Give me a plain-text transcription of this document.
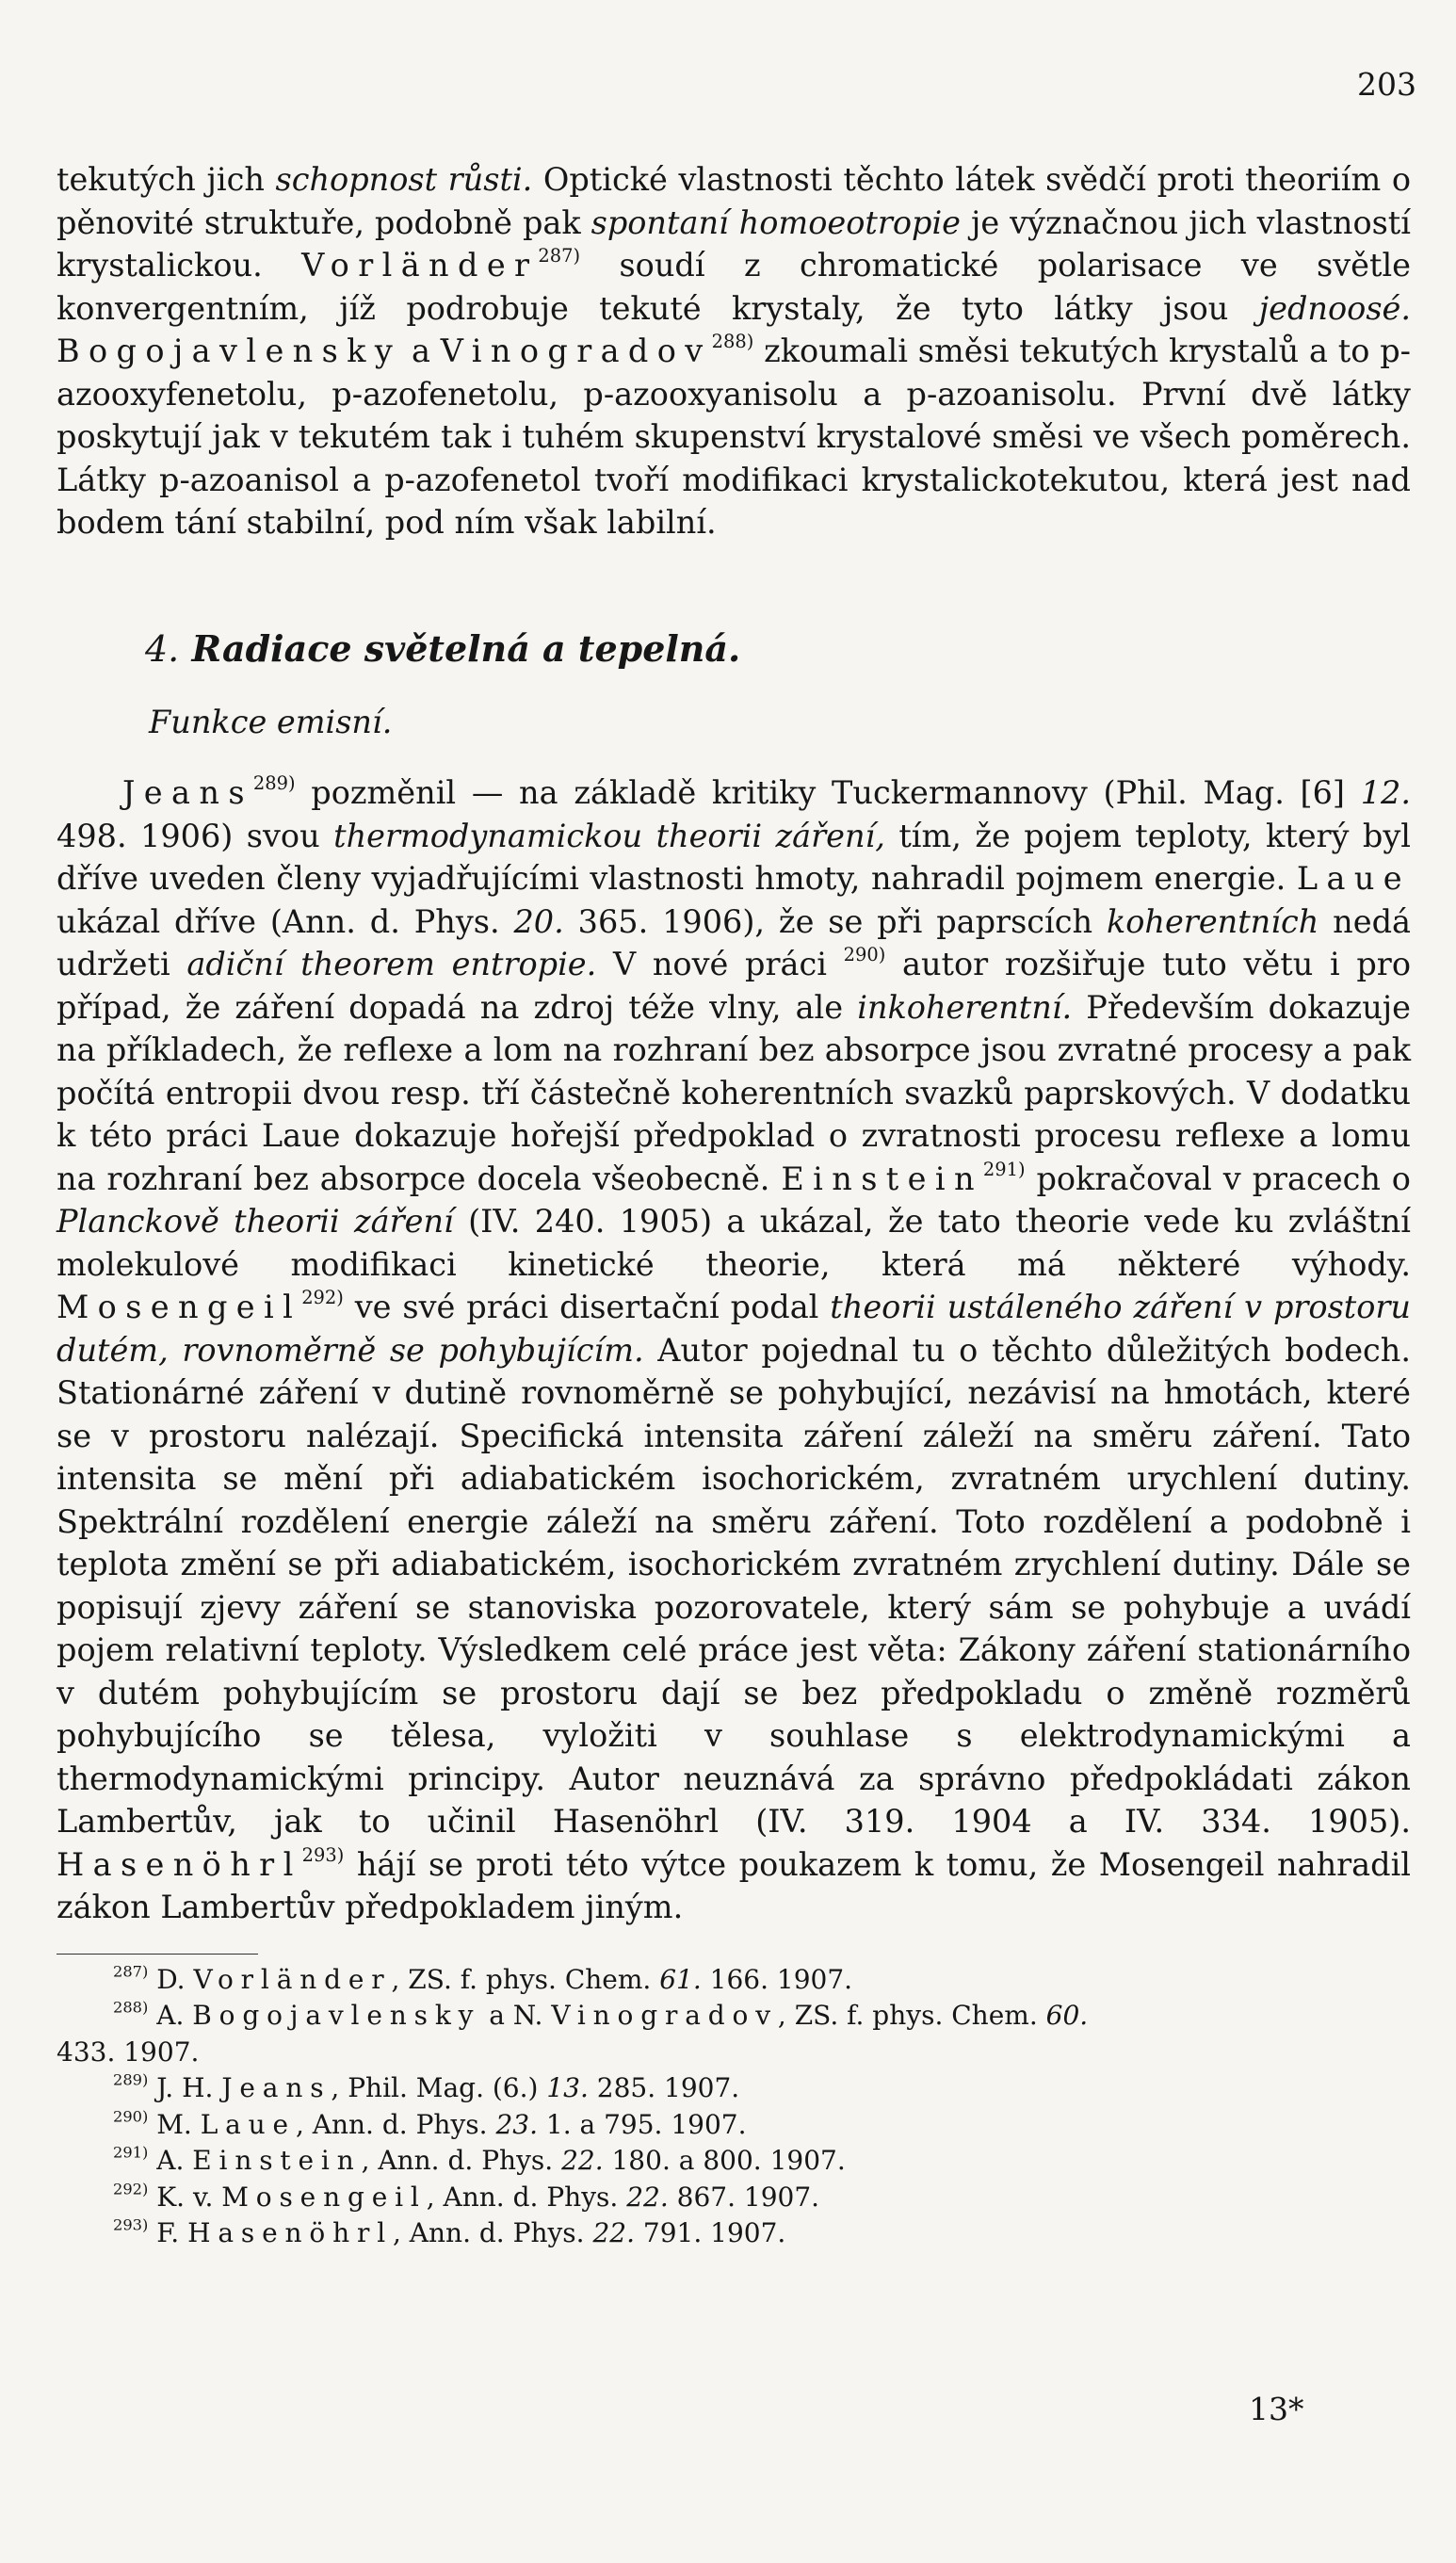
203

tekutých jich schopnost růsti. Optické vlastnosti těchto látek svědčí proti theoriím o pěnovité struktuře, podobně pak spontaní homoeotropie je význačnou jich vlastností krystalickou. Vorländer$^{287)}$ soudí z chromatické polarisace ve světle konvergentním, jíž podrobuje tekuté krystaly, že tyto látky jsou jednoosé. Bogojavlensky a Vinogradov$^{288)}$ zkoumali směsi tekutých krystalů a to p-azooxyfenetolu, p-azofenetolu, p-azooxyanisolu a p-azoanisolu. První dvě látky poskytují jak v tekutém tak i tuhém skupenství krystalové směsi ve všech poměrech. Látky p-azoanisol a p-azofenetol tvoří modifikaci krystalickotekutou, která jest nad bodem tání stabilní, pod ním však labilní.

4. Radiace světelná a tepelná.
Funkce emisní.

Jeans$^{289)}$ pozměnil — na základě kritiky Tuckermannovy (Phil. Mag. [6] 12. 498. 1906) svou thermodynamickou theorii záření, tím, že pojem teploty, který byl dříve uveden členy vyjadřujícími vlastnosti hmoty, nahradil pojmem energie. Laue ukázal dříve (Ann. d. Phys. 20. 365. 1906), že se při paprscích koherentních nedá udržeti adiční theorem entropie. V nové práci $^{290)}$ autor rozšiřuje tuto větu i pro případ, že záření dopadá na zdroj téže vlny, ale inkoherentní. Především dokazuje na příkladech, že reflexe a lom na rozhraní bez absorpce jsou zvratné procesy a pak počítá entropii dvou resp. tří částečně koherentních svazků paprskových. V dodatku k této práci Laue dokazuje hořejší předpoklad o zvratnosti procesu reflexe a lomu na rozhraní bez absorpce docela všeobecně. Einstein$^{291)}$ pokračoval v pracech o Planckově theorii záření (IV. 240. 1905) a ukázal, že tato theorie vede ku zvláštní molekulové modifikaci kinetické theorie, která má některé výhody. Mosengeil$^{292)}$ ve své práci disertační podal theorii ustáleného záření v prostoru dutém, rovnoměrně se pohybujícím. Autor pojednal tu o těchto důležitých bodech. Stationárné záření v dutině rovnoměrně se pohybující, nezávisí na hmotách, které se v prostoru nalézají. Specifická intensita záření záleží na směru záření. Tato intensita se mění při adiabatickém isochorickém, zvratném urychlení dutiny. Spektrální rozdělení energie záleží na směru záření. Toto rozdělení a podobně i teplota změní se při adiabatickém, isochorickém zvratném zrychlení dutiny. Dále se popisují zjevy záření se stanoviska pozorovatele, který sám se pohybuje a uvádí pojem relativní teploty. Výsledkem celé práce jest věta: Zákony záření stationárního v dutém pohybujícím se prostoru dají se bez předpokladu o změně rozměrů pohybujícího se tělesa, vyložiti v souhlase s elektrodynamickými a thermodynamickými principy. Autor neuznává za správno předpokládati zákon Lambertův, jak to učinil Hasenöhrl (IV. 319. 1904 a IV. 334. 1905). Hasenöhrl$^{293)}$ hájí se proti této výtce poukazem k tomu, že Mosengeil nahradil zákon Lambertův předpokladem jiným.

$^{287)}$ D. Vorländer, ZS. f. phys. Chem. 61. 166. 1907.

$^{288)}$ A. Bogojavlensky a N. Vinogradov, ZS. f. phys. Chem. 60.

433. 1907.

$^{289)}$ J. H. Jeans, Phil. Mag. (6.) 13. 285. 1907.

$^{290)}$ M. Laue, Ann. d. Phys. 23. 1. a 795. 1907.

$^{291)}$ A. Einstein, Ann. d. Phys. 22. 180. a 800. 1907.

$^{292)}$ K. v. Mosengeil, Ann. d. Phys. 22. 867. 1907.

$^{293)}$ F. Hasenöhrl, Ann. d. Phys. 22. 791. 1907.

13*
